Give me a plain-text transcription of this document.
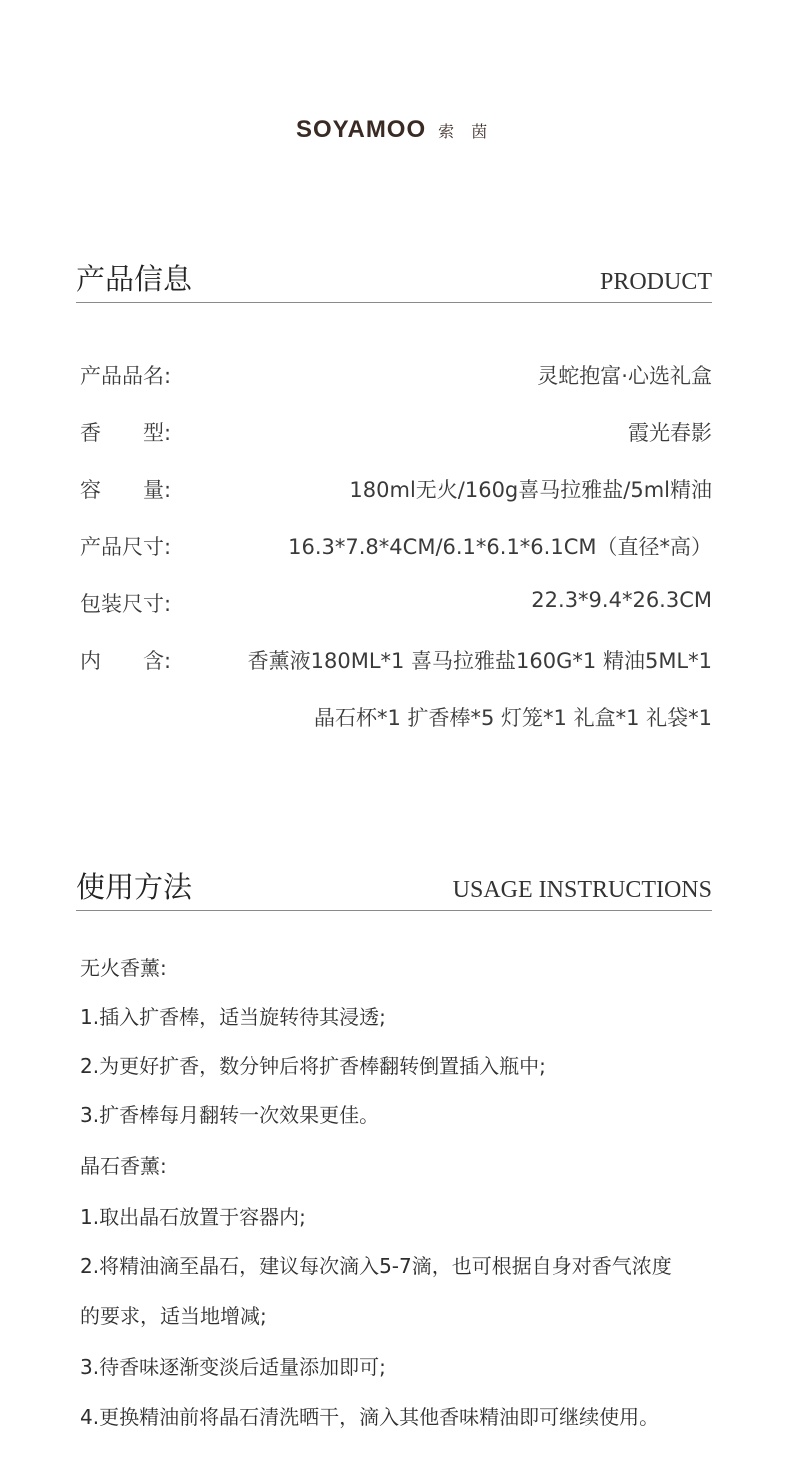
SOYAMOO 索 茵
产品信息	PRODUCT
产品品名:	灵蛇抱富·心选礼盒
香　　型:	霞光春影
容　　量:	180ml无火/160g喜马拉雅盐/5ml精油
产品尺寸:	16.3*7.8*4CM/6.1*6.1*6.1CM（直径*高）
包装尺寸:	22.3*9.4*26.3CM
内　　含:	香薰液180ML*1 喜马拉雅盐160G*1 精油5ML*1
晶石杯*1 扩香棒*5 灯笼*1 礼盒*1 礼袋*1
使用方法	USAGE INSTRUCTIONS
无火香薰:
1.插入扩香棒，适当旋转待其浸透;
2.为更好扩香，数分钟后将扩香棒翻转倒置插入瓶中;
3.扩香棒每月翻转一次效果更佳。
晶石香薰:
1.取出晶石放置于容器内;
2.将精油滴至晶石，建议每次滴入5-7滴，也可根据自身对香气浓度
的要求，适当地增减;
3.待香味逐渐变淡后适量添加即可;
4.更换精油前将晶石清洗晒干，滴入其他香味精油即可继续使用。
